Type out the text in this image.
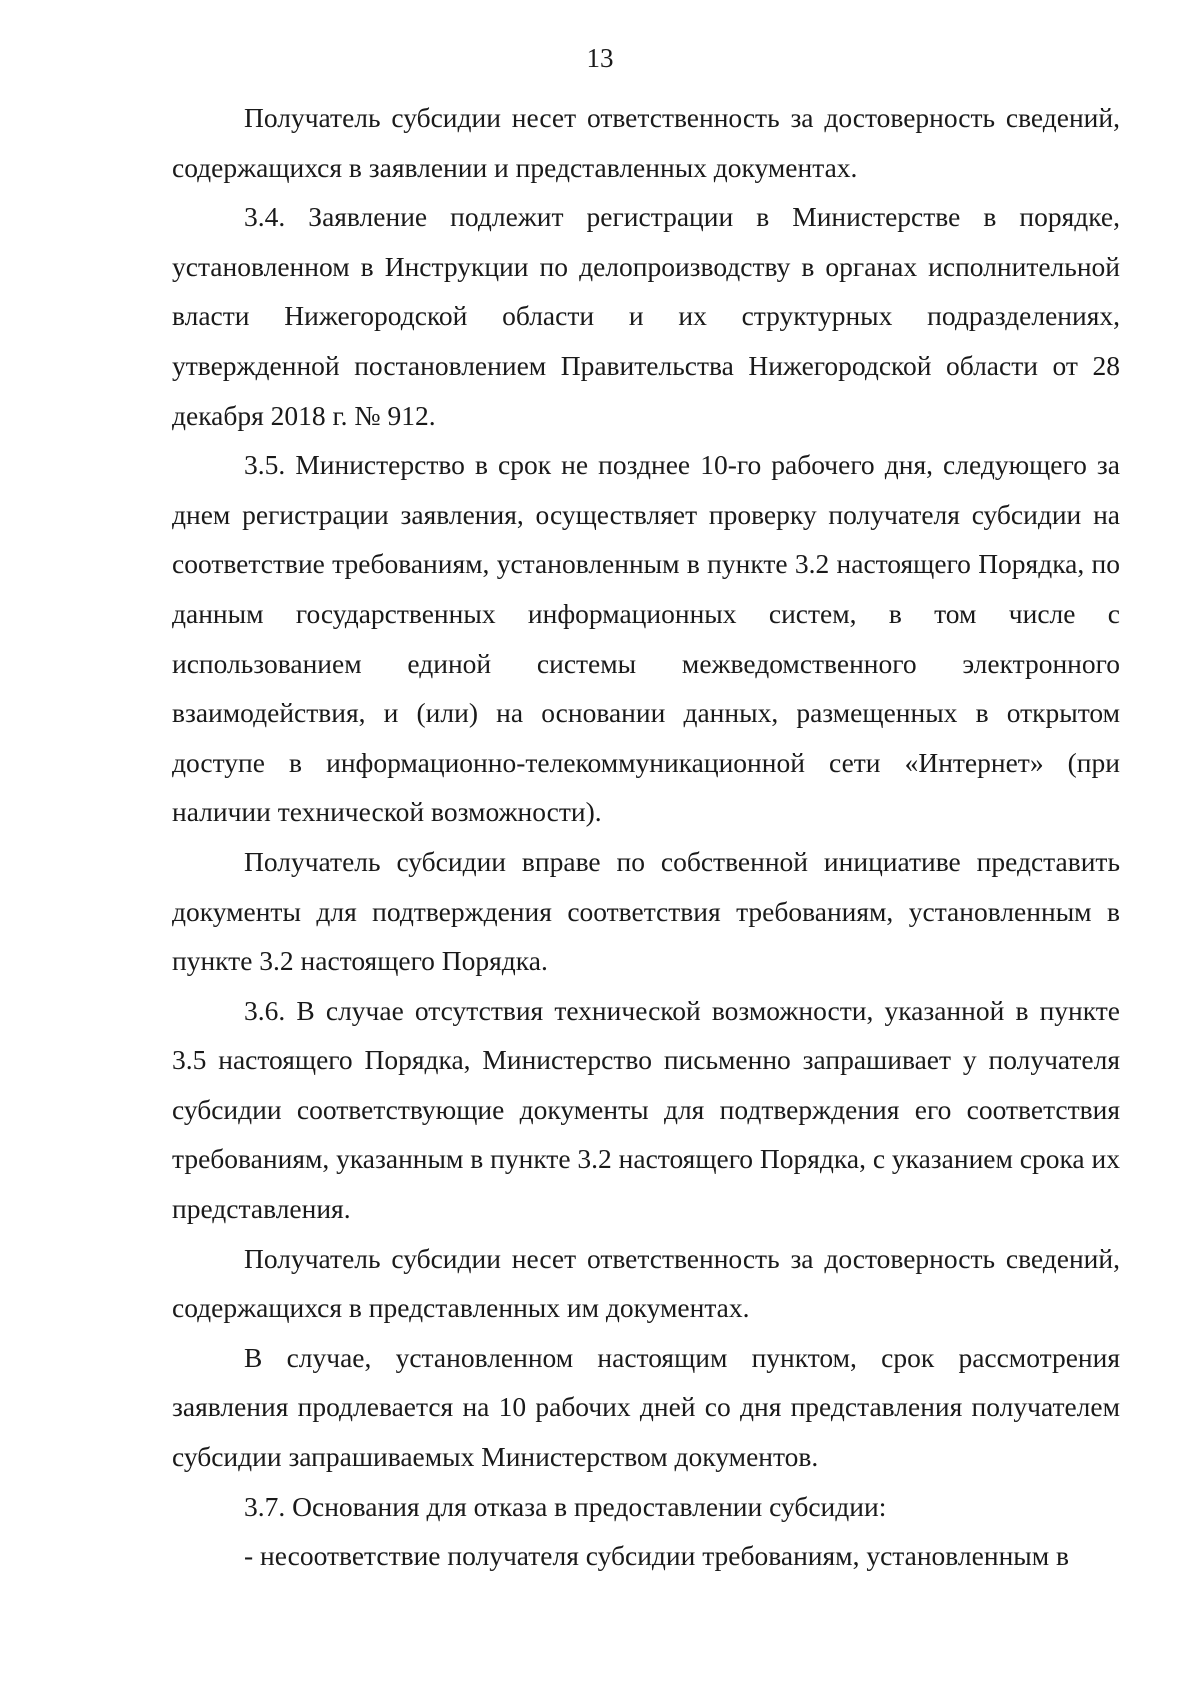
13

Получатель субсидии несет ответственность за достоверность сведений, содержащихся в заявлении и представленных документах.

3.4. Заявление подлежит регистрации в Министерстве в порядке, установленном в Инструкции по делопроизводству в органах исполнительной власти Нижегородской области и их структурных подразделениях, утвержденной постановлением Правительства Нижегородской области от 28 декабря 2018 г. № 912.

3.5. Министерство в срок не позднее 10-го рабочего дня, следующего за днем регистрации заявления, осуществляет проверку получателя субсидии на соответствие требованиям, установленным в пункте 3.2 настоящего Порядка, по данным государственных информационных систем, в том числе с использованием единой системы межведомственного электронного взаимодействия, и (или) на основании данных, размещенных в открытом доступе в информационно-телекоммуникационной сети «Интернет» (при наличии технической возможности).

Получатель субсидии вправе по собственной инициативе представить документы для подтверждения соответствия требованиям, установленным в пункте 3.2 настоящего Порядка.

3.6. В случае отсутствия технической возможности, указанной в пункте 3.5 настоящего Порядка, Министерство письменно запрашивает у получателя субсидии соответствующие документы для подтверждения его соответствия требованиям, указанным в пункте 3.2 настоящего Порядка, с указанием срока их представления.

Получатель субсидии несет ответственность за достоверность сведений, содержащихся в представленных им документах.

В случае, установленном настоящим пунктом, срок рассмотрения заявления продлевается на 10 рабочих дней со дня представления получателем субсидии запрашиваемых Министерством документов.

3.7. Основания для отказа в предоставлении субсидии:

- несоответствие получателя субсидии требованиям, установленным в
